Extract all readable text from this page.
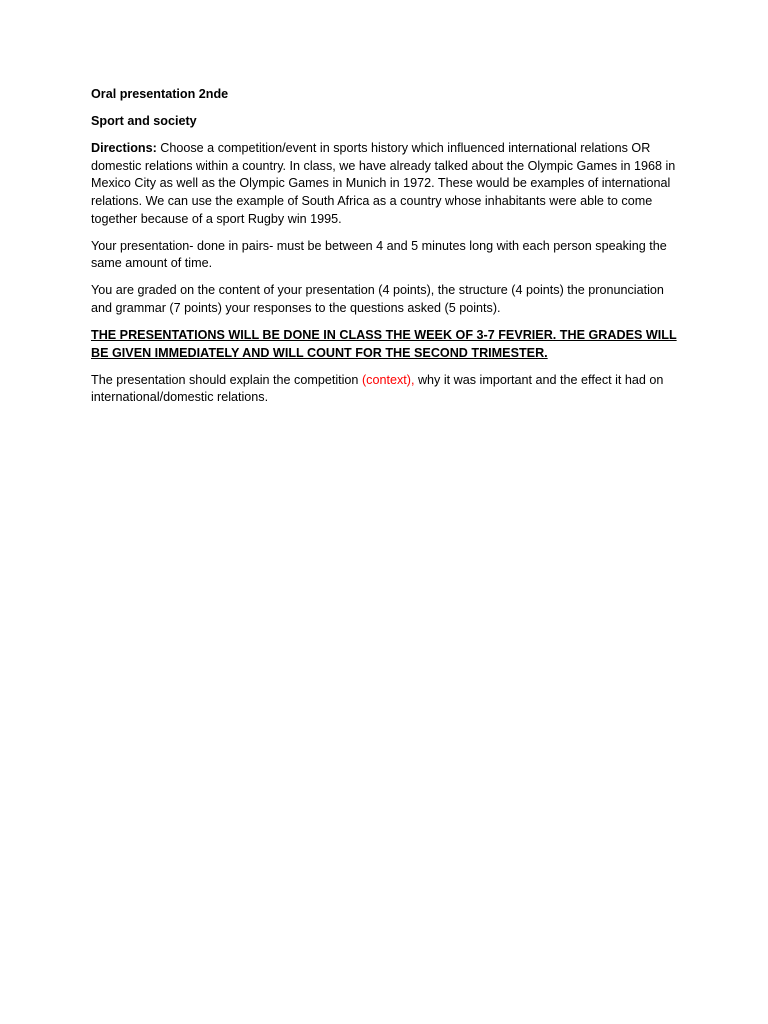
Oral presentation 2nde

Sport and society

Directions: Choose a competition/event in sports history which influenced international relations OR domestic relations within a country. In class, we have already talked about the Olympic Games in 1968 in Mexico City as well as the Olympic Games in Munich in 1972. These would be examples of international relations. We can use the example of South Africa as a country whose inhabitants were able to come together because of a sport Rugby win 1995.

Your presentation- done in pairs- must be between 4 and 5 minutes long with each person speaking the same amount of time.

You are graded on the content of your presentation (4 points), the structure (4 points) the pronunciation and grammar (7 points) your responses to the questions asked (5 points).

THE PRESENTATIONS WILL BE DONE IN CLASS THE WEEK OF 3-7 FEVRIER. THE GRADES WILL BE GIVEN IMMEDIATELY AND WILL COUNT FOR THE SECOND TRIMESTER.

The presentation should explain the competition (context), why it was important and the effect it had on international/domestic relations.
